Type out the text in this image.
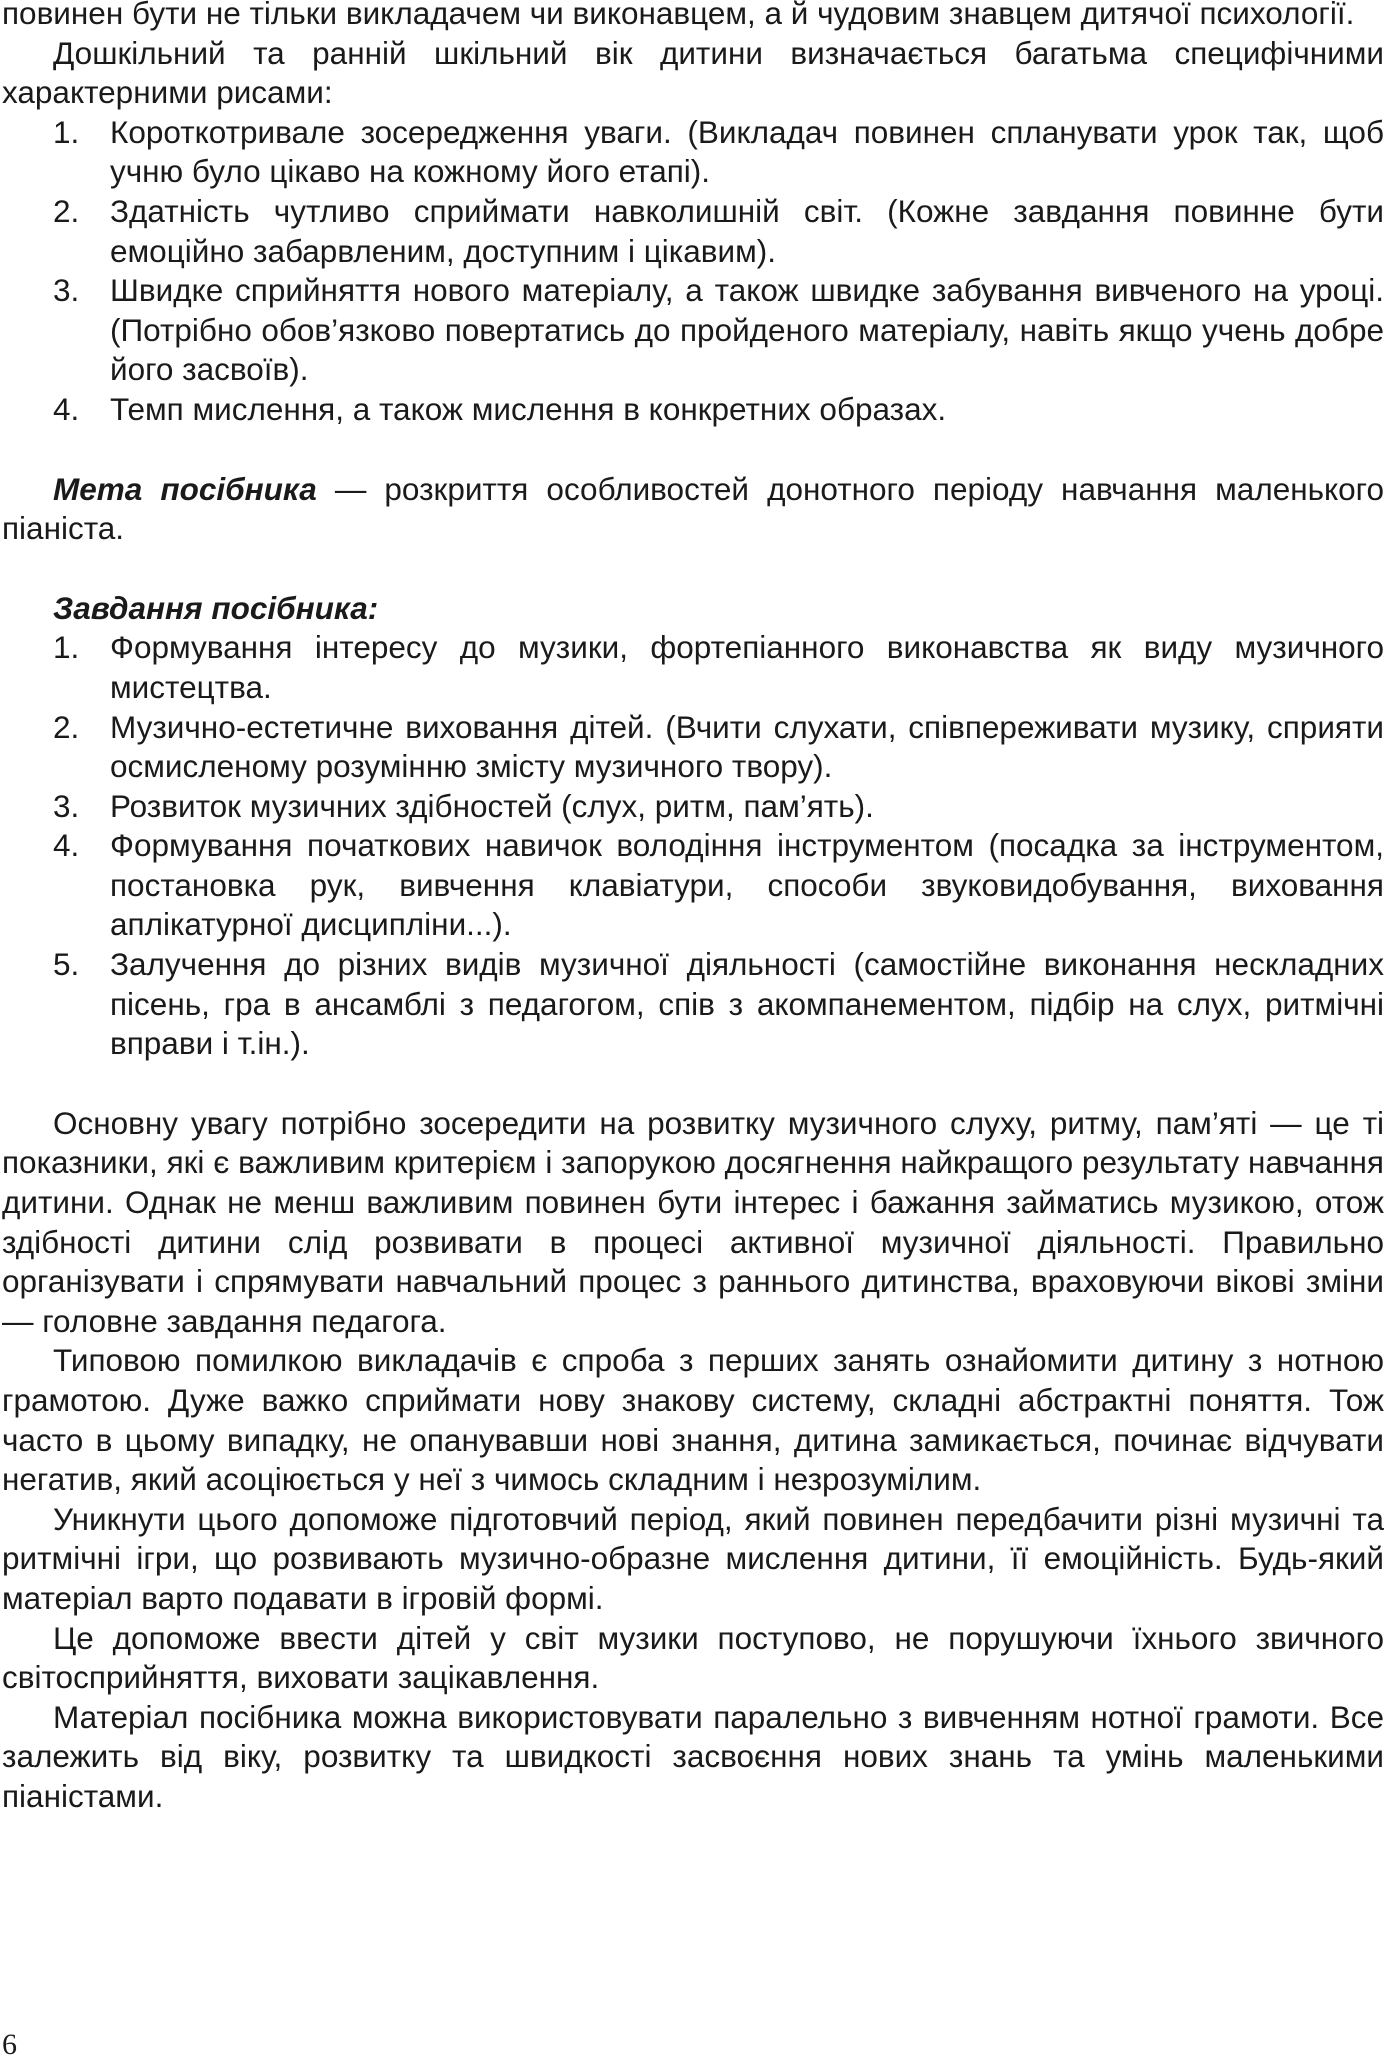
повинен бути не тільки викладачем чи виконавцем, а й чудовим знавцем дитячої психології.

Дошкільний та ранній шкільний вік дитини визначається багатьма специфічними характерними рисами:

1. Короткотривале зосередження уваги. (Викладач повинен спланувати урок так, щоб учню було цікаво на кожному його етапі).
2. Здатність чутливо сприймати навколишній світ. (Кожне завдання повинне бути емоційно забарвленим, доступним і цікавим).
3. Швидке сприйняття нового матеріалу, а також швидке забування вивченого на уроці. (Потрібно обов’язково повертатись до пройденого матеріалу, навіть якщо учень добре його засвоїв).
4. Темп мислення, а також мислення в конкретних образах.

Мета посібника — розкриття особливостей донотного періоду навчання маленького піаніста.

Завдання посібника:

1. Формування інтересу до музики, фортепіанного виконавства як виду музичного мистецтва.
2. Музично-естетичне виховання дітей. (Вчити слухати, співпереживати музику, сприяти осмисленому розумінню змісту музичного твору).
3. Розвиток музичних здібностей (слух, ритм, пам’ять).
4. Формування початкових навичок володіння інструментом (посадка за інструментом, постановка рук, вивчення клавіатури, способи звуковидобування, виховання аплікатурної дисципліни...).
5. Залучення до різних видів музичної діяльності (самостійне виконання нескладних пісень, гра в ансамблі з педагогом, спів з акомпанементом, підбір на слух, ритмічні вправи і т.ін.).

Основну увагу потрібно зосередити на розвитку музичного слуху, ритму, пам’яті — це ті показники, які є важливим критерієм і запорукою досягнення найкращого результату навчання дитини. Однак не менш важливим повинен бути інтерес і бажання займатись музикою, отож здібності дитини слід розвивати в процесі активної музичної діяльності. Правильно організувати і спрямувати навчальний процес з раннього дитинства, враховуючи вікові зміни — головне завдання педагога.

Типовою помилкою викладачів є спроба з перших занять ознайомити дитину з нотною грамотою. Дуже важко сприймати нову знакову систему, складні абстрактні поняття. Тож часто в цьому випадку, не опанувавши нові знання, дитина замикається, починає відчувати негатив, який асоціюється у неї з чимось складним і незрозумілим.

Уникнути цього допоможе підготовчий період, який повинен передбачити різні музичні та ритмічні ігри, що розвивають музично-образне мислення дитини, її емоційність. Будь-який матеріал варто подавати в ігровій формі.

Це допоможе ввести дітей у світ музики поступово, не порушуючи їхнього звичного світосприйняття, виховати зацікавлення.

Матеріал посібника можна використовувати паралельно з вивченням нотної грамоти. Все залежить від віку, розвитку та швидкості засвоєння нових знань та умінь маленькими піаністами.

6
